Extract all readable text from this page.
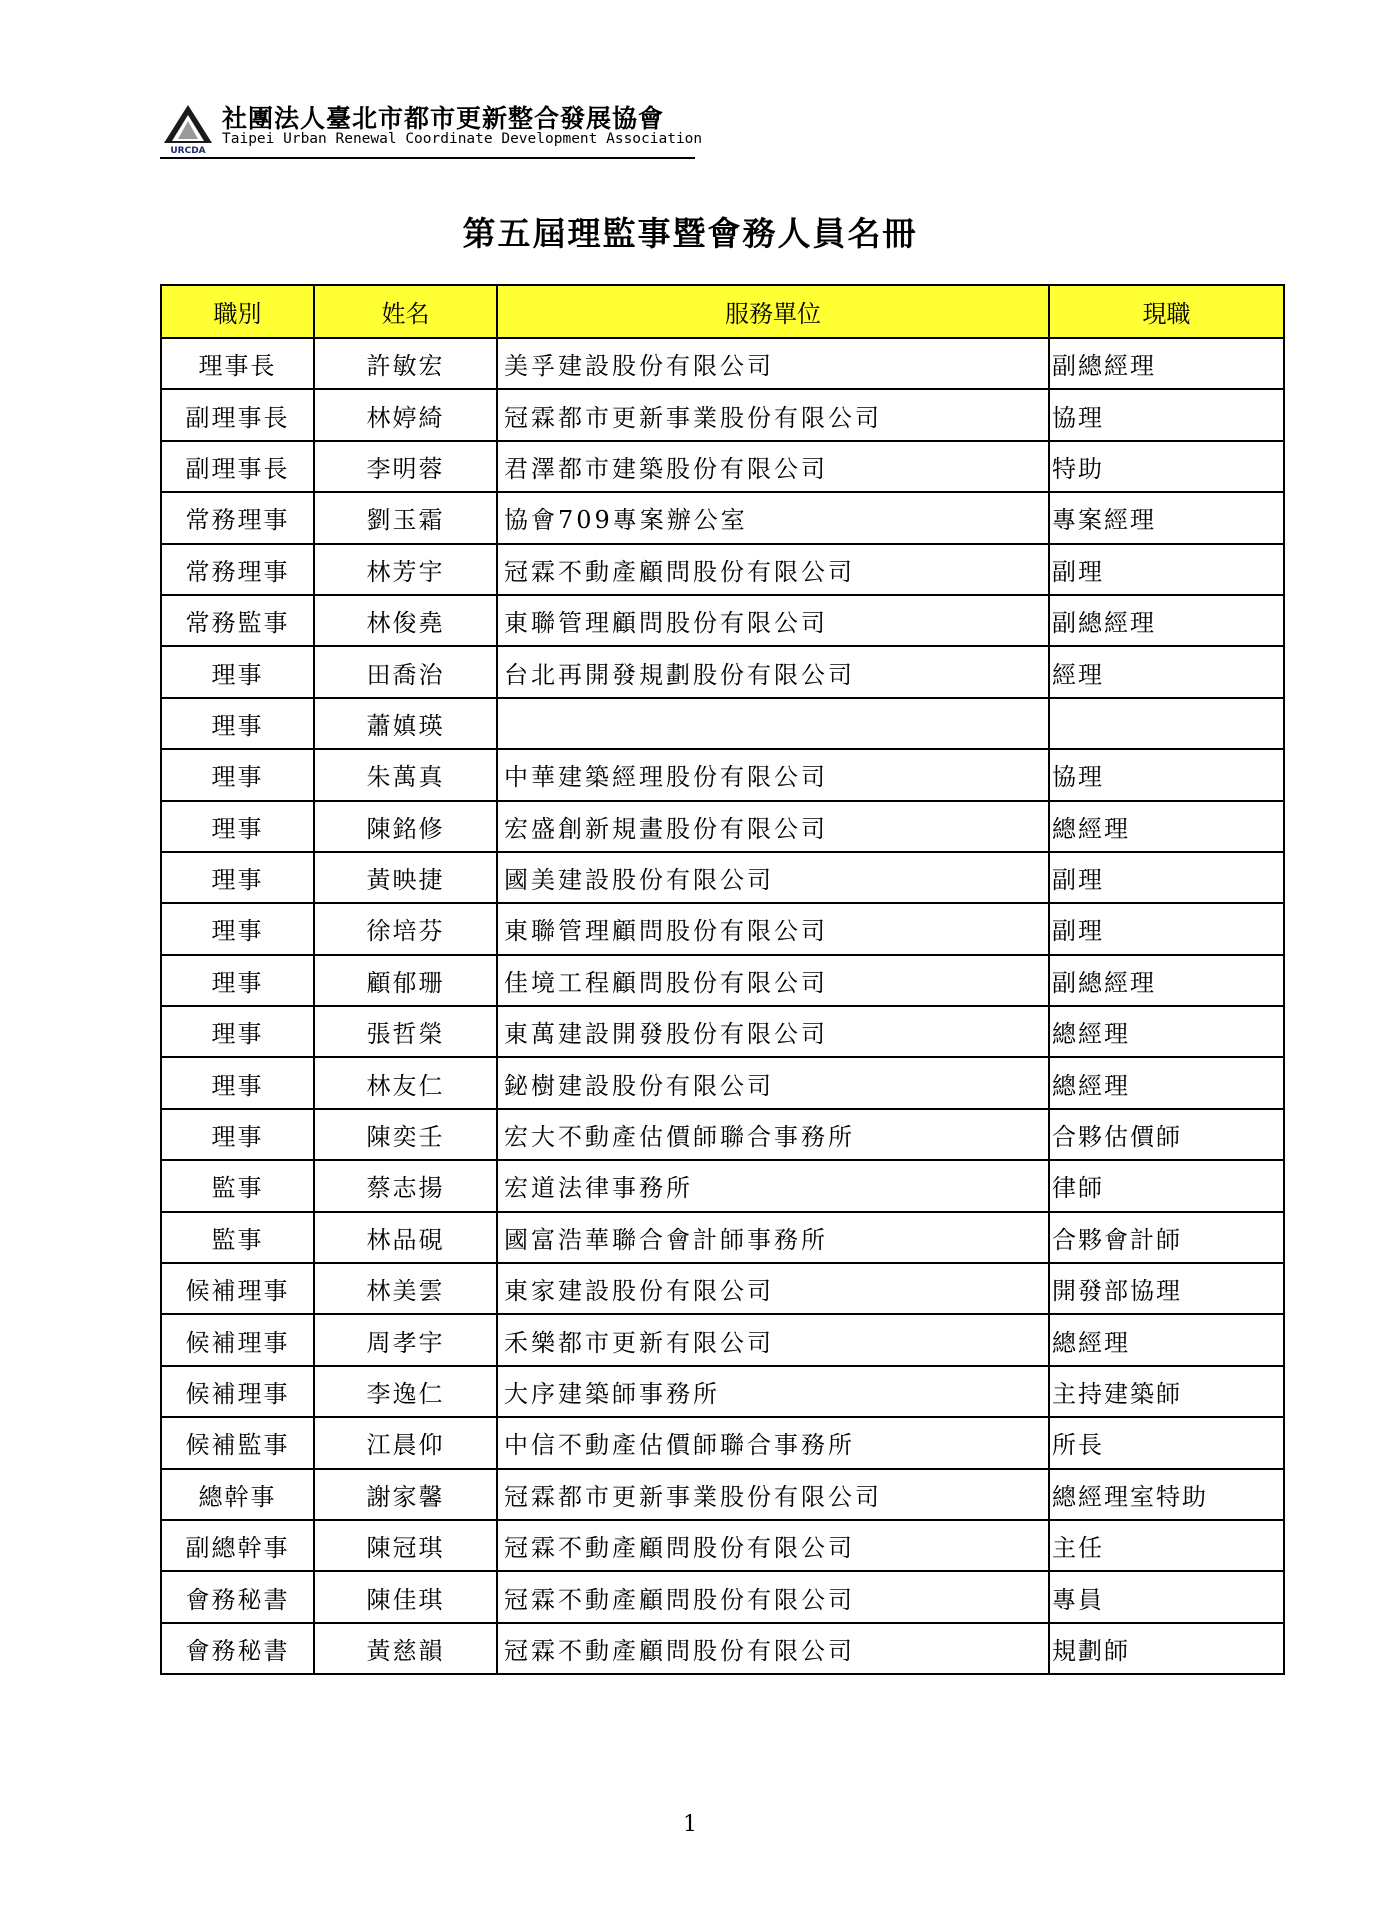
URCDA
社團法人臺北市都市更新整合發展協會
Taipei Urban Renewal Coordinate Development Association
第五屆理監事暨會務人員名冊
職別	姓名	服務單位	現職
理事長	許敏宏	美孚建設股份有限公司	副總經理
副理事長	林婷綺	冠霖都市更新事業股份有限公司	協理
副理事長	李明蓉	君澤都市建築股份有限公司	特助
常務理事	劉玉霜	協會709專案辦公室	專案經理
常務理事	林芳宇	冠霖不動產顧問股份有限公司	副理
常務監事	林俊堯	東聯管理顧問股份有限公司	副總經理
理事	田喬治	台北再開發規劃股份有限公司	經理
理事	蕭嫃瑛		
理事	朱萬真	中華建築經理股份有限公司	協理
理事	陳銘修	宏盛創新規畫股份有限公司	總經理
理事	黃映捷	國美建設股份有限公司	副理
理事	徐培芬	東聯管理顧問股份有限公司	副理
理事	顧郁珊	佳境工程顧問股份有限公司	副總經理
理事	張哲榮	東萬建設開發股份有限公司	總經理
理事	林友仁	鉍樹建設股份有限公司	總經理
理事	陳奕壬	宏大不動產估價師聯合事務所	合夥估價師
監事	蔡志揚	宏道法律事務所	律師
監事	林品硯	國富浩華聯合會計師事務所	合夥會計師
候補理事	林美雲	東家建設股份有限公司	開發部協理
候補理事	周孝宇	禾樂都市更新有限公司	總經理
候補理事	李逸仁	大序建築師事務所	主持建築師
候補監事	江晨仰	中信不動產估價師聯合事務所	所長
總幹事	謝家馨	冠霖都市更新事業股份有限公司	總經理室特助
副總幹事	陳冠琪	冠霖不動產顧問股份有限公司	主任
會務秘書	陳佳琪	冠霖不動產顧問股份有限公司	專員
會務秘書	黃慈韻	冠霖不動產顧問股份有限公司	規劃師
1
